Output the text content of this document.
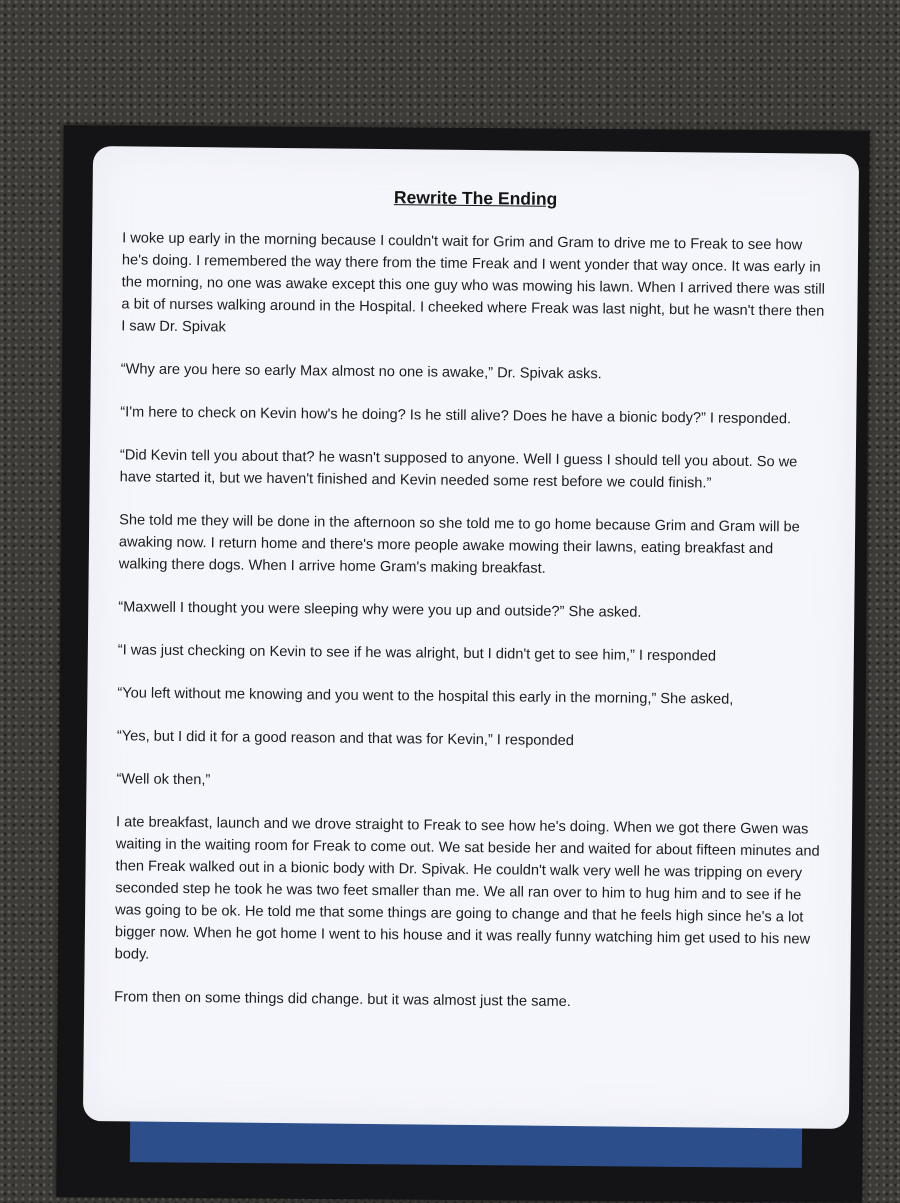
Rewrite The Ending

I woke up early in the morning because I couldn't wait for Grim and Gram to drive me to Freak to see how he's doing. I remembered the way there from the time Freak and I went yonder that way once. It was early in the morning, no one was awake except this one guy who was mowing his lawn. When I arrived there was still a bit of nurses walking around in the Hospital. I cheeked where Freak was last night, but he wasn't there then I saw Dr. Spivak

“Why are you here so early Max almost no one is awake,” Dr. Spivak asks.

“I'm here to check on Kevin how's he doing? Is he still alive? Does he have a bionic body?” I responded.

“Did Kevin tell you about that? he wasn't supposed to anyone. Well I guess I should tell you about. So we have started it, but we haven't finished and Kevin needed some rest before we could finish.”

She told me they will be done in the afternoon so she told me to go home because Grim and Gram will be awaking now. I return home and there's more people awake mowing their lawns, eating breakfast and walking there dogs. When I arrive home Gram's making breakfast.

“Maxwell I thought you were sleeping why were you up and outside?” She asked.

“I was just checking on Kevin to see if he was alright, but I didn't get to see him,” I responded

“You left without me knowing and you went to the hospital this early in the morning,” She asked,

“Yes, but I did it for a good reason and that was for Kevin,” I responded

“Well ok then,”

I ate breakfast, launch and we drove straight to Freak to see how he's doing. When we got there Gwen was waiting in the waiting room for Freak to come out. We sat beside her and waited for about fifteen minutes and then Freak walked out in a bionic body with Dr. Spivak. He couldn't walk very well he was tripping on every seconded step he took he was two feet smaller than me. We all ran over to him to hug him and to see if he was going to be ok. He told me that some things are going to change and that he feels high since he's a lot bigger now. When he got home I went to his house and it was really funny watching him get used to his new body.

From then on some things did change. but it was almost just the same.
